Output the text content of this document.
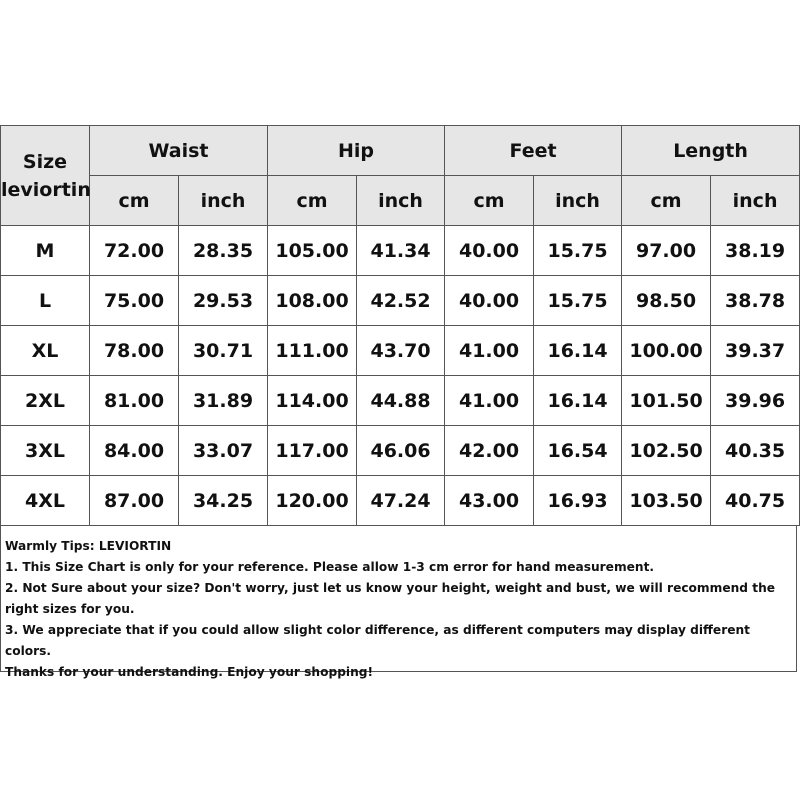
Size
leviortin	Waist		Hip		Feet		Length	
	cm	inch	cm	inch	cm	inch	cm	inch
M	72.00	28.35	105.00	41.34	40.00	15.75	97.00	38.19
L	75.00	29.53	108.00	42.52	40.00	15.75	98.50	38.78
XL	78.00	30.71	111.00	43.70	41.00	16.14	100.00	39.37
2XL	81.00	31.89	114.00	44.88	41.00	16.14	101.50	39.96
3XL	84.00	33.07	117.00	46.06	42.00	16.54	102.50	40.35
4XL	87.00	34.25	120.00	47.24	43.00	16.93	103.50	40.75

Warmly Tips: LEVIORTIN

1. This Size Chart is only for your reference. Please allow 1-3 cm error for hand measurement.

2. Not Sure about your size? Don't worry, just let us know your height, weight and bust, we will recommend the right sizes for you.

3. We appreciate that if you could allow slight color difference, as different computers may display different colors.

Thanks for your understanding. Enjoy your shopping!
